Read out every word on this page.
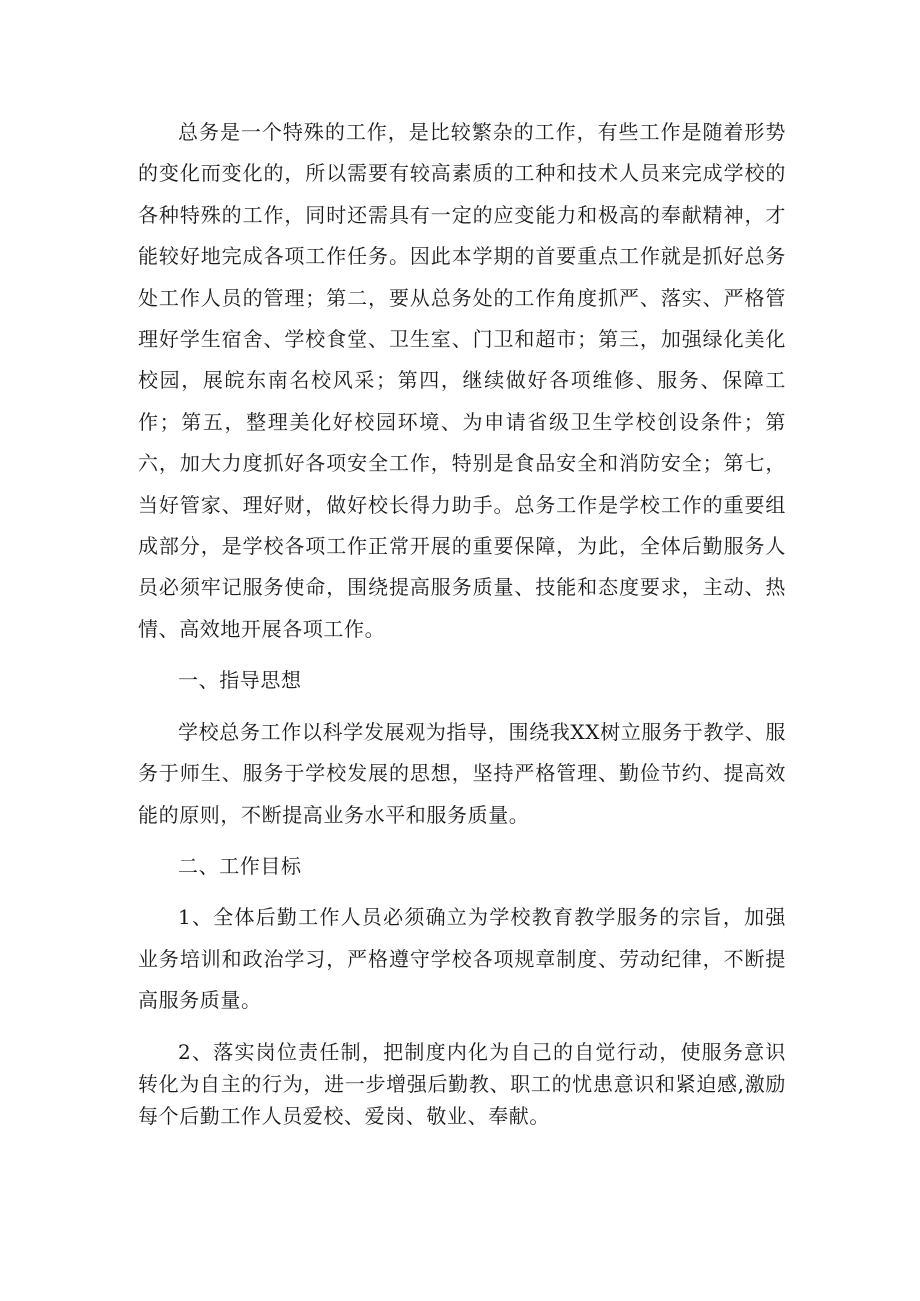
总务是一个特殊的工作，是比较繁杂的工作，有些工作是随着形势的变化而变化的，所以需要有较高素质的工种和技术人员来完成学校的各种特殊的工作，同时还需具有一定的应变能力和极高的奉献精神，才能较好地完成各项工作任务。因此本学期的首要重点工作就是抓好总务处工作人员的管理；第二，要从总务处的工作角度抓严、落实、严格管理好学生宿舍、学校食堂、卫生室、门卫和超市；第三，加强绿化美化校园，展皖东南名校风采；第四，继续做好各项维修、服务、保障工作；第五，整理美化好校园环境、为申请省级卫生学校创设条件；第六，加大力度抓好各项安全工作，特别是食品安全和消防安全；第七，当好管家、理好财，做好校长得力助手。总务工作是学校工作的重要组成部分，是学校各项工作正常开展的重要保障，为此，全体后勤服务人员必须牢记服务使命，围绕提高服务质量、技能和态度要求，主动、热情、高效地开展各项工作。

一、指导思想

学校总务工作以科学发展观为指导，围绕我XX树立服务于教学、服务于师生、服务于学校发展的思想，坚持严格管理、勤俭节约、提高效能的原则，不断提高业务水平和服务质量。

二、工作目标

1、全体后勤工作人员必须确立为学校教育教学服务的宗旨，加强业务培训和政治学习，严格遵守学校各项规章制度、劳动纪律，不断提高服务质量。

2、落实岗位责任制，把制度内化为自己的自觉行动，使服务意识转化为自主的行为，进一步增强后勤教、职工的忧患意识和紧迫感,激励每个后勤工作人员爱校、爱岗、敬业、奉献。
